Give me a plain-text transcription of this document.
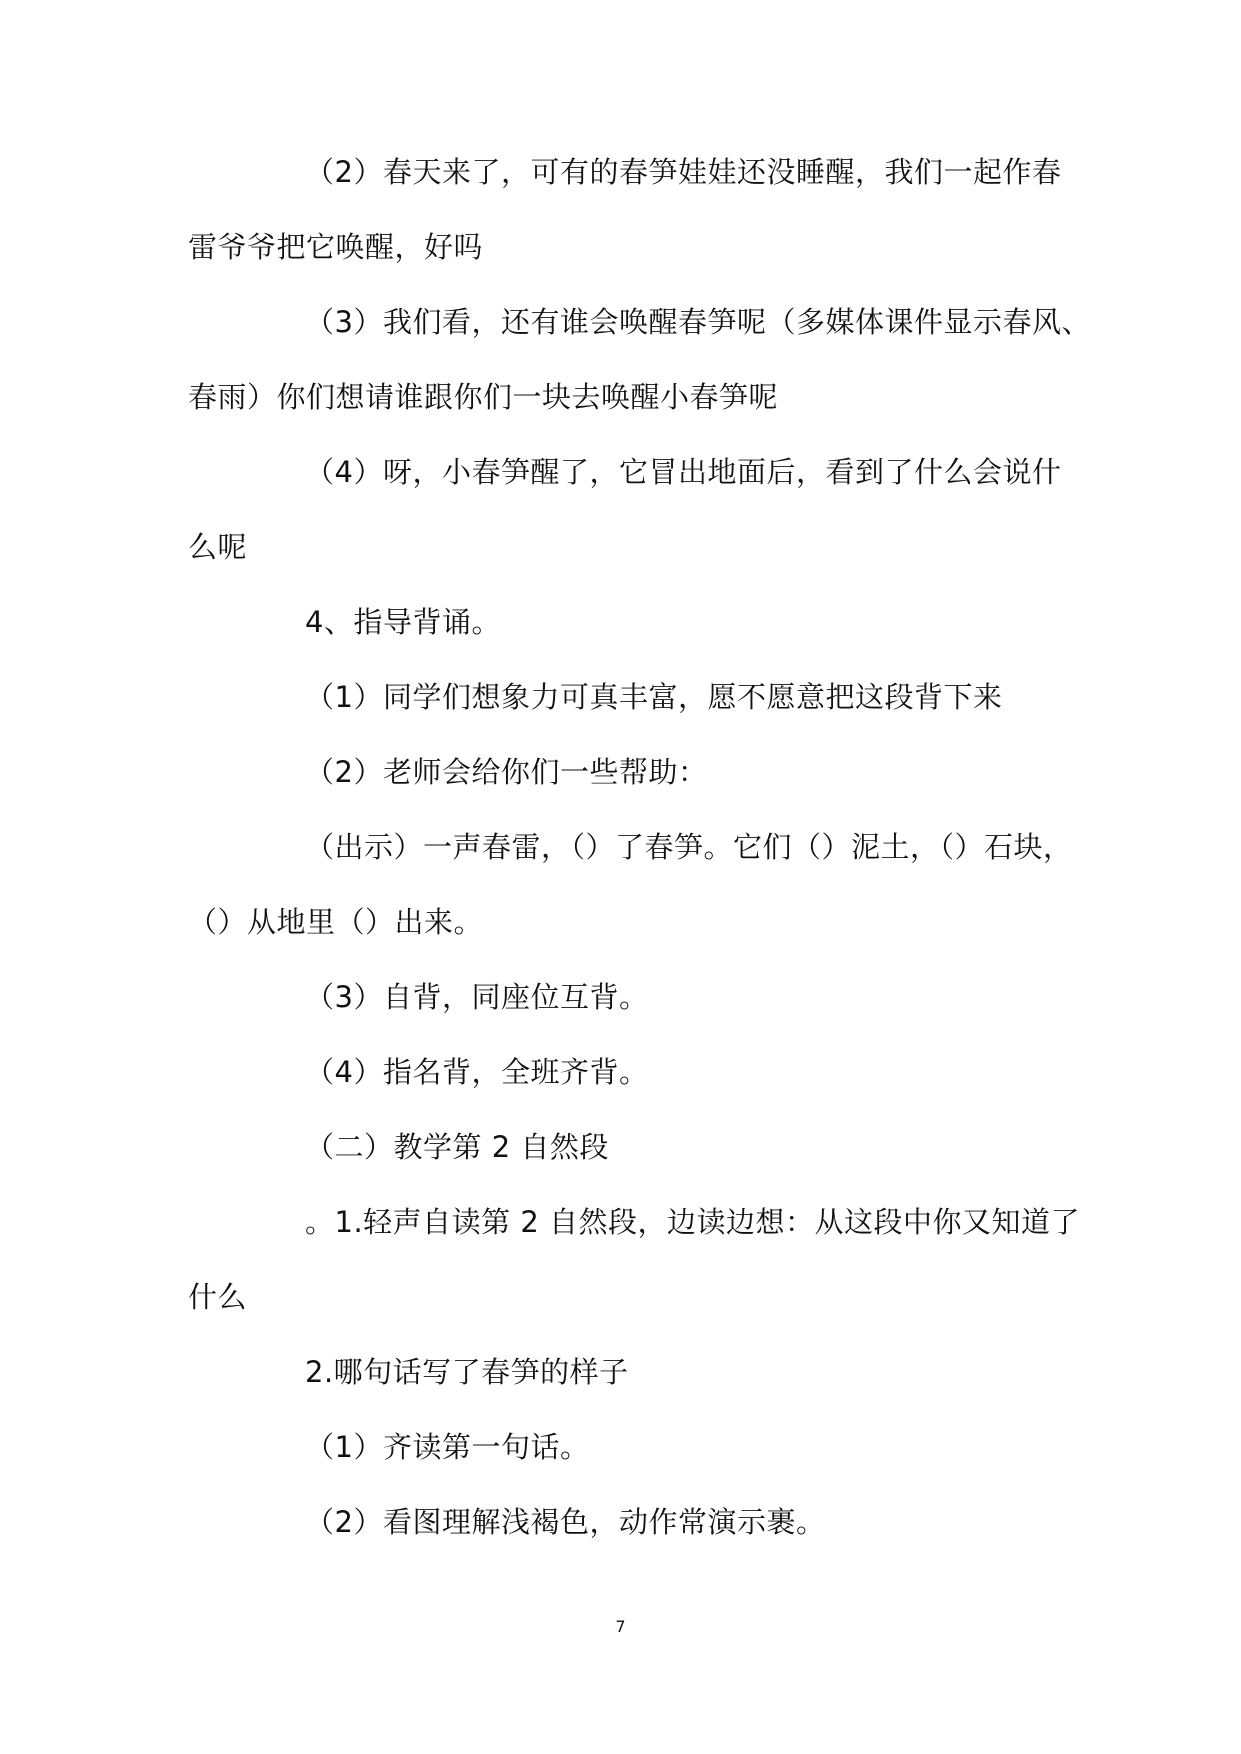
（2）春天来了，可有的春笋娃娃还没睡醒，我们一起作春
雷爷爷把它唤醒，好吗
（3）我们看，还有谁会唤醒春笋呢（多媒体课件显示春风、
春雨）你们想请谁跟你们一块去唤醒小春笋呢
（4）呀，小春笋醒了，它冒出地面后，看到了什么会说什
么呢
4、指导背诵。
（1）同学们想象力可真丰富，愿不愿意把这段背下来
（2）老师会给你们一些帮助：
（出示）一声春雷，（）了春笋。它们（）泥土，（）石块，
（）从地里（）出来。
（3）自背，同座位互背。
（4）指名背，全班齐背。
（二）教学第 2 自然段
。1.轻声自读第 2 自然段，边读边想：从这段中你又知道了
什么
2.哪句话写了春笋的样子
（1）齐读第一句话。
（2）看图理解浅褐色，动作常演示裹。
7
